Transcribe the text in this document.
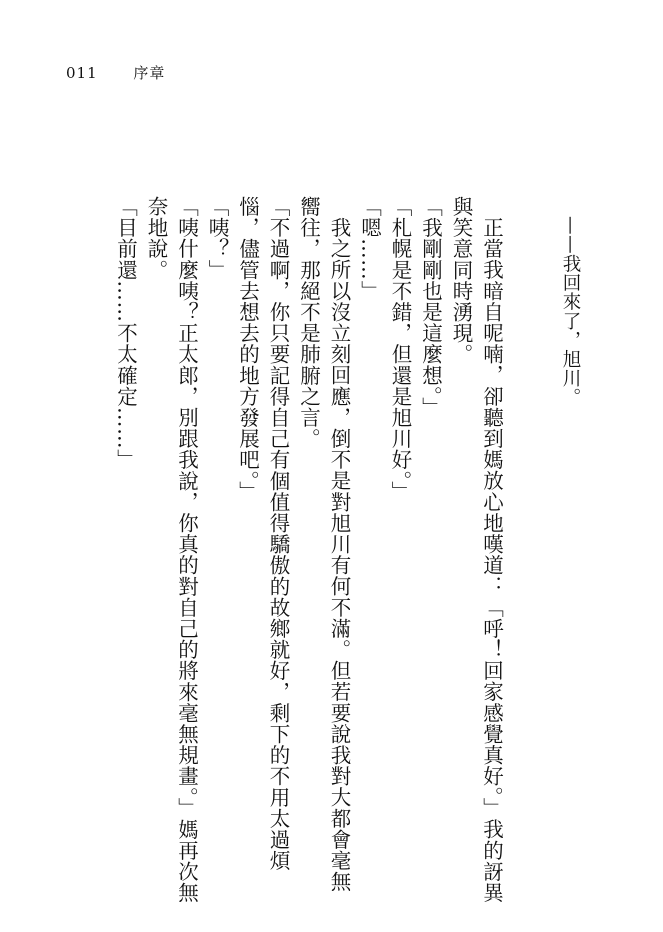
011 序章

——我回來了，旭川。

正當我暗自呢喃，卻聽到媽放心地嘆道：「呼！回家感覺真好。」我的訝異與笑意同時湧現。

「我剛剛也是這麼想。」

「札幌是不錯，但還是旭川好。」

「嗯……」

我之所以沒立刻回應，倒不是對旭川有何不滿。但若要說我對大都會毫無嚮往，那絕不是肺腑之言。

「不過啊，你只要記得自己有個值得驕傲的故鄉就好，剩下的不用太過煩惱，儘管去想去的地方發展吧。」

「咦？」

「咦什麼咦？正太郎，別跟我說，你真的對自己的將來毫無規畫。」媽再次無奈地說。

「目前還……不太確定……」
